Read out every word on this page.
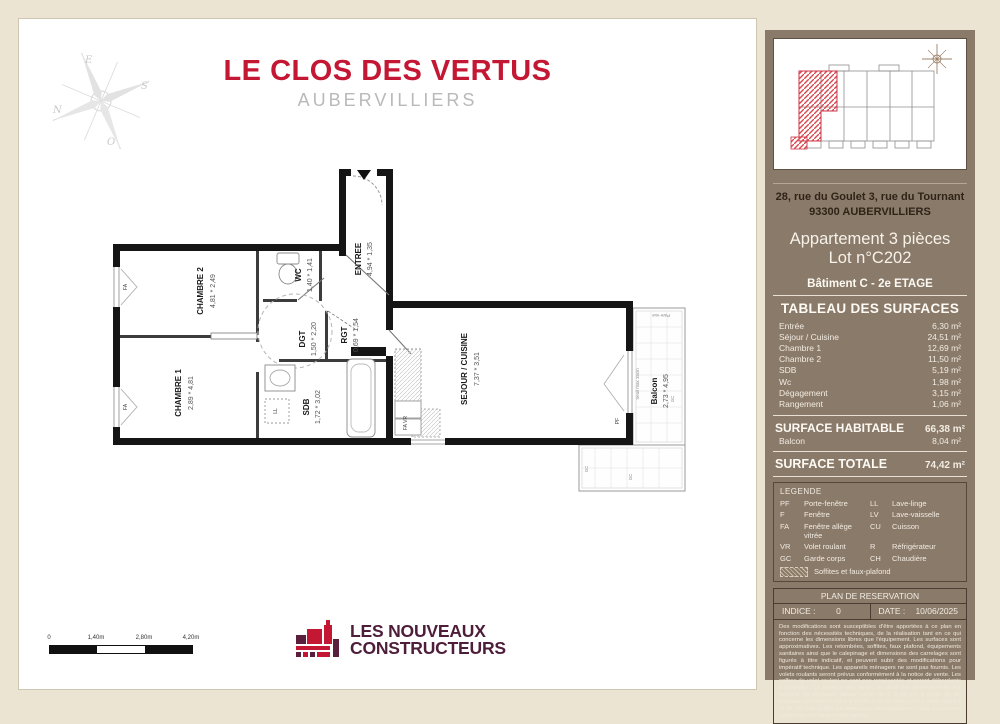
E
S
O
N
LE CLOS DES VERTUS
AUBERVILLIERS
CHAMBRE 2 4,81 * 2,49
CHAMBRE 1 2,89 * 4,81
WC 1,40 * 1,41
DGT 1,50 * 2,20	RGT 0,69 * 1,54
SDB 1,72 * 3,02
ENTREE 4,94 * 1,35
SEJOUR / CUISINE 7,37 * 3,51
Balcon 2,73 * 4,95
FA
FA
FA VR	PF
LL
GC
GC
GC
Seuil max 15cm
Pare-vue
0	1,40m	2,80m	4,20m	LES NOUVEAUX
CONSTRUCTEURS
28, rue du Goulet 3, rue du Tournant 93300 AUBERVILLIERS
Appartement 3 pièces
Lot n°C202
Bâtiment C - 2e ETAGE
TABLEAU DES SURFACES
Entrée	6,30 m²
Séjour / Cuisine	24,51 m²
Chambre 1	12,69 m²
Chambre 2	11,50 m²
SDB	5,19 m²
Wc	1,98 m²
Dégagement	3,15 m²
Rangement	1,06 m²
SURFACE HABITABLE 66,38 m²
Balcon	8,04 m²
SURFACE TOTALE	74,42 m²
LEGENDE
PF	Porte-fenêtre	LL	Lave-linge
F	Fenêtre	LV	Lave-vaisselle
FA	Fenêtre allège vitrée
CU	Cuisson
VR	Volet roulant	R	Réfrigérateur
GC	Garde corps	CH	Chaudière
Soffites et faux-plafond
PLAN DE RESERVATION
INDICE : 0	DATE : 10/06/2025
Des modifications sont susceptibles d'être apportées à ce plan en fonction des nécessités techniques, de la réalisation tant en ce qui concerne les dimensions libres que l'équipement. Les surfaces sont approximatives. Les retombées, soffites, faux plafond, équipements sanitaires ainsi que le calepinage et dimensions des carrelages sont figurés à titre indicatif, et peuvent subir des modifications pour impératif technique. Les appareils ménagers ne sont pas fournis. Les volets roulants seront prévus conformément à la notice de vente. Les coffres de volet roulant ne sont pas représentés et seront débordants à l'intérieur. La hauteur des seuils au droit des porte-fenêtres sur balcons ou terrasses pourra varier de 5 à 35 cm à partir du sol intérieur. La hauteur entre le jardin et la terrasse pourra varier entre 0 et 60 cm. Les jardins ne seront pas nécessairement plats et pourront comporter des talus et des pentes.
